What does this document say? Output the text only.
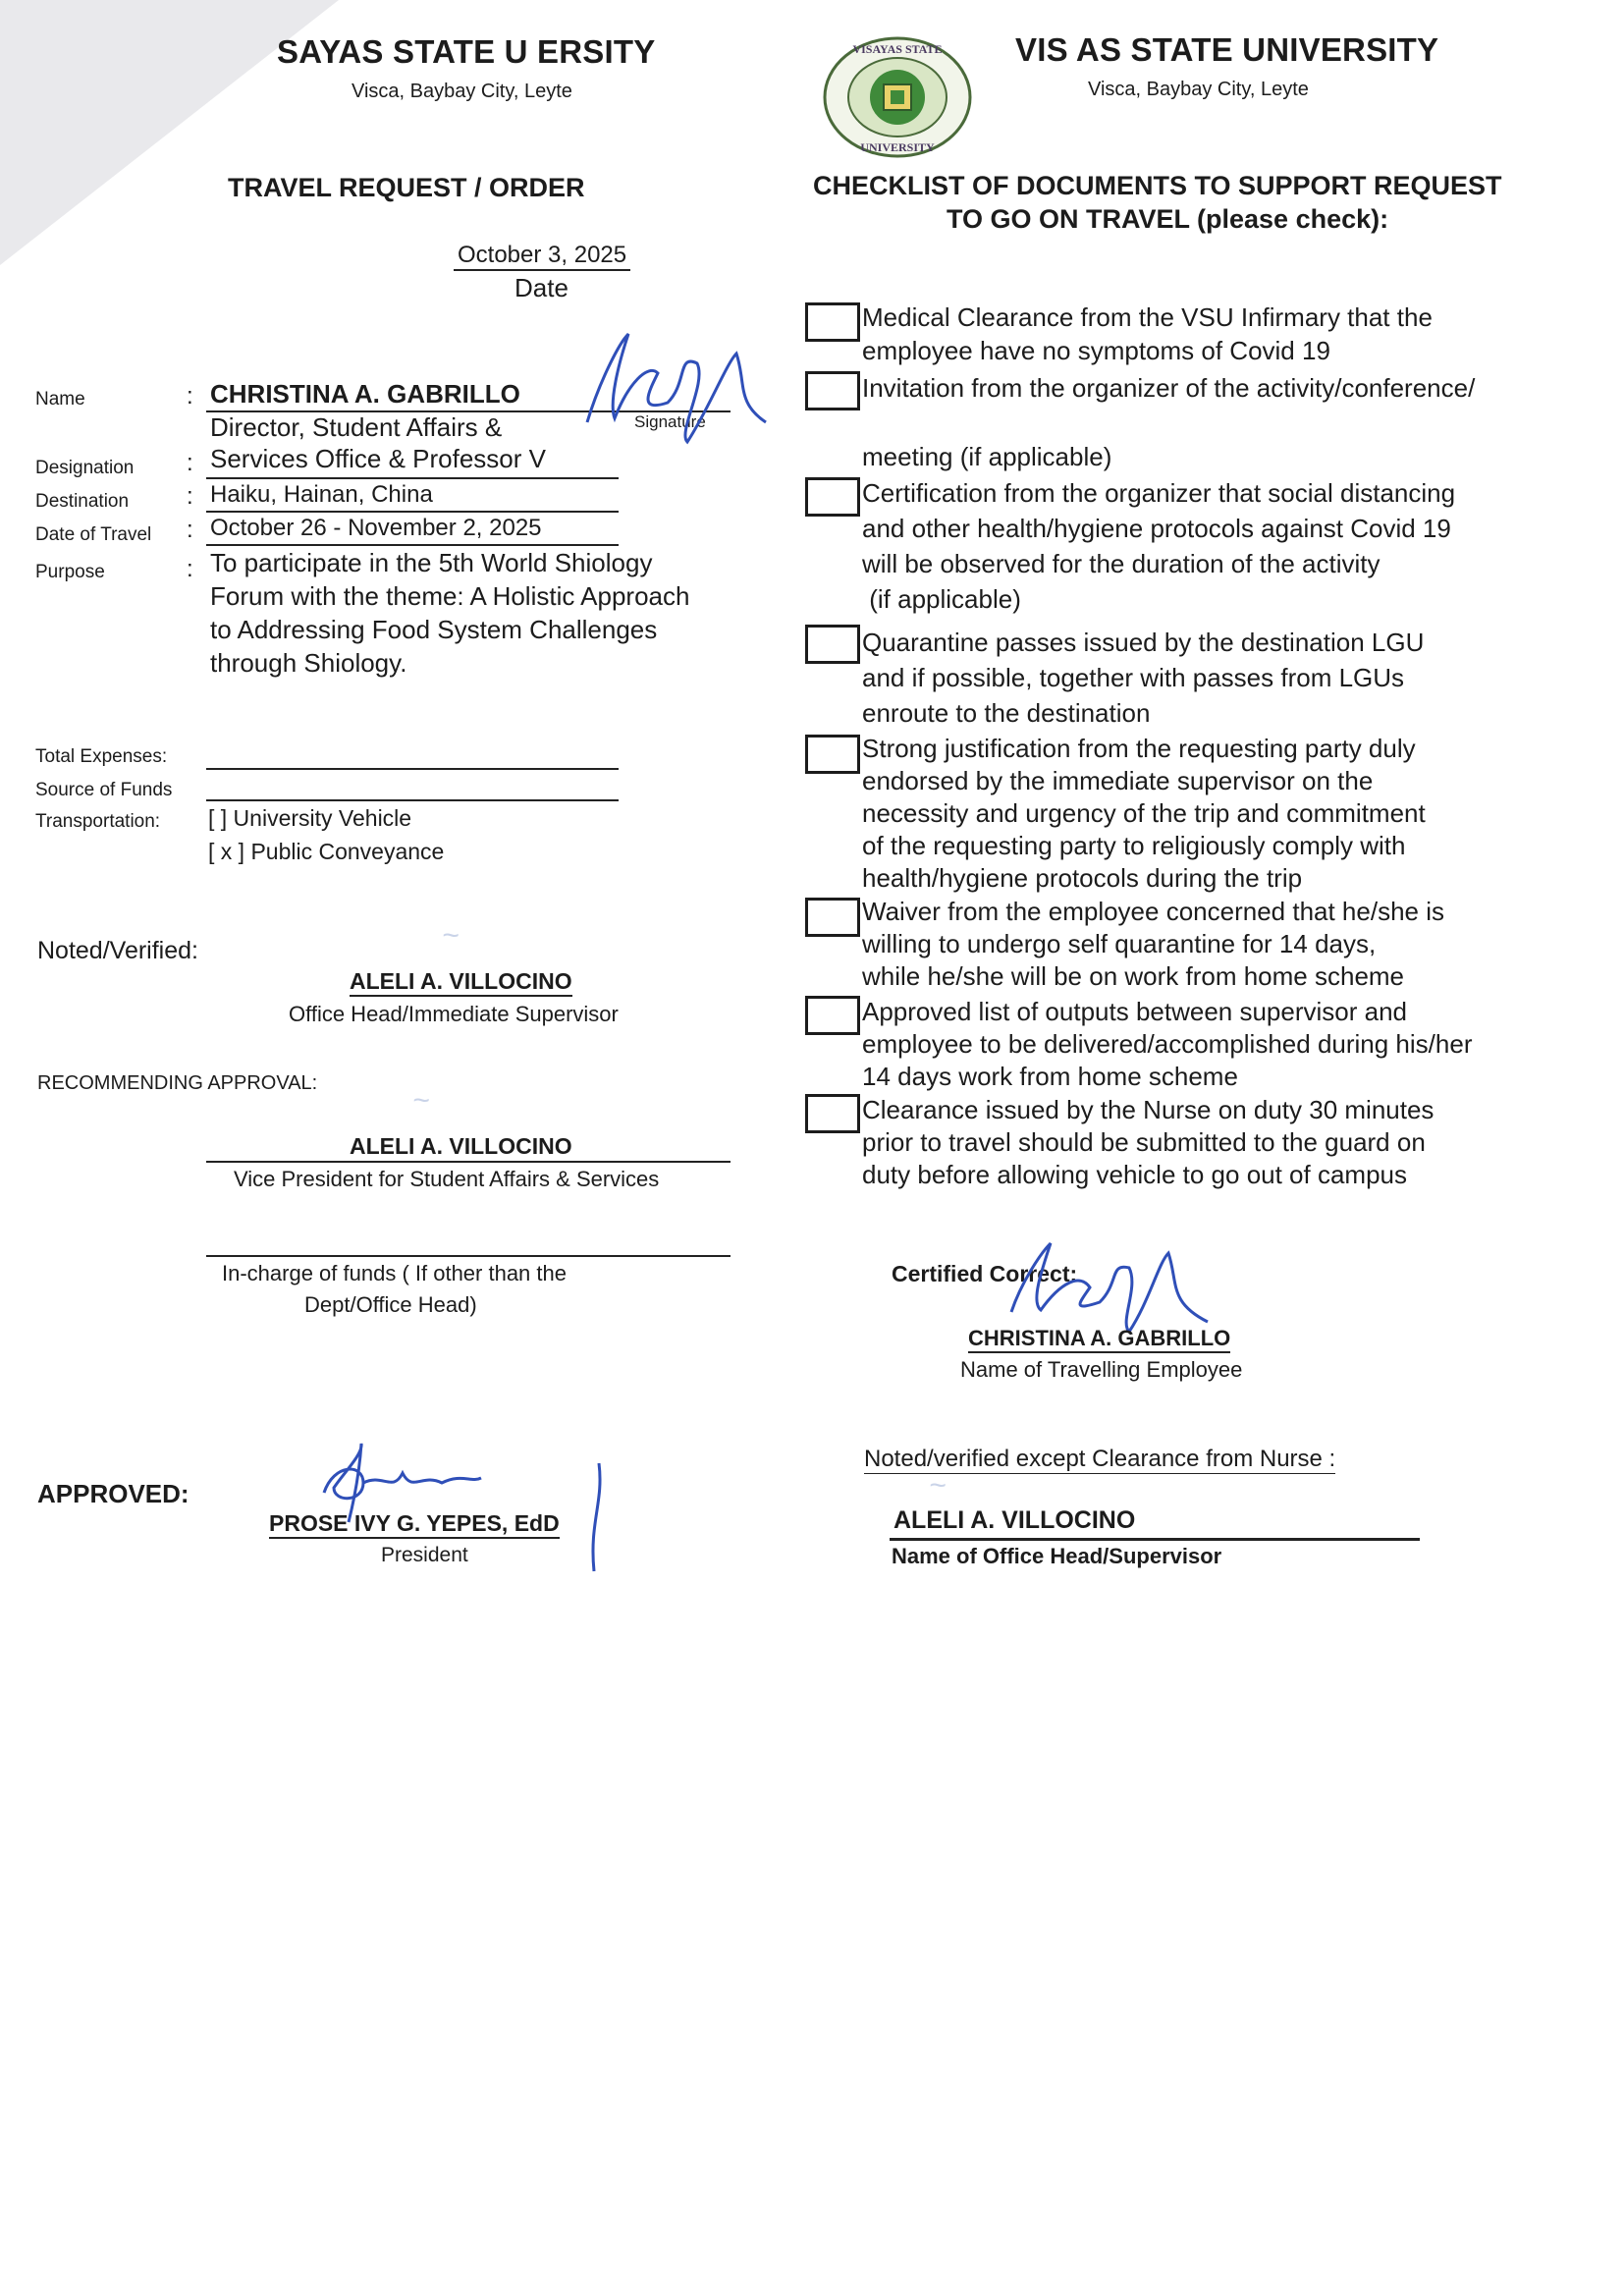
SAYAS STATE U ERSITY
Visca, Baybay City, Leyte
VISAYAS STATE
UNIVERSITY
VIS AS STATE UNIVERSITY
Visca, Baybay City, Leyte
TRAVEL REQUEST / ORDER
October 3, 2025
Date
Name	: CHRISTINA A. GABRILLO
Signature
Director, Student Affairs &
Designation : Services Office & Professor V
Destination : Haiku, Hainan, China
Date of Travel : October 26 - November 2, 2025
Purpose	: To participate in the 5th World Shiology
Forum with the theme: A Holistic Approach
to Addressing Food System Challenges
through Shiology.
Total Expenses:
Source of Funds
Transportation: [ ] University Vehicle
[ x ] Public Conveyance
Noted/Verified:	~
ALELI A. VILLOCINO
Office Head/Immediate Supervisor
RECOMMENDING APPROVAL:
~
ALELI A. VILLOCINO
Vice President for Student Affairs & Services
In-charge of funds ( If other than the
Dept/Office Head)
APPROVED:
PROSE IVY G. YEPES, EdD
President
CHECKLIST OF DOCUMENTS TO SUPPORT REQUEST
TO GO ON TRAVEL (please check):
Medical Clearance from the VSU Infirmary that the
employee have no symptoms of Covid 19
Invitation from the organizer of the activity/conference/
meeting (if applicable)
Certification from the organizer that social distancing
and other health/hygiene protocols against Covid 19
will be observed for the duration of the activity
(if applicable)
Quarantine passes issued by the destination LGU
and if possible, together with passes from LGUs
enroute to the destination
Strong justification from the requesting party duly
endorsed by the immediate supervisor on the
necessity and urgency of the trip and commitment
of the requesting party to religiously comply with
health/hygiene protocols during the trip
Waiver from the employee concerned that he/she is
willing to undergo self quarantine for 14 days,
while he/she will be on work from home scheme
Approved list of outputs between supervisor and
employee to be delivered/accomplished during his/her
14 days work from home scheme
Clearance issued by the Nurse on duty 30 minutes
prior to travel should be submitted to the guard on
duty before allowing vehicle to go out of campus
Certified Correct:
CHRISTINA A. GABRILLO
Name of Travelling Employee
Noted/verified except Clearance from Nurse :
~
ALELI A. VILLOCINO
Name of Office Head/Supervisor
